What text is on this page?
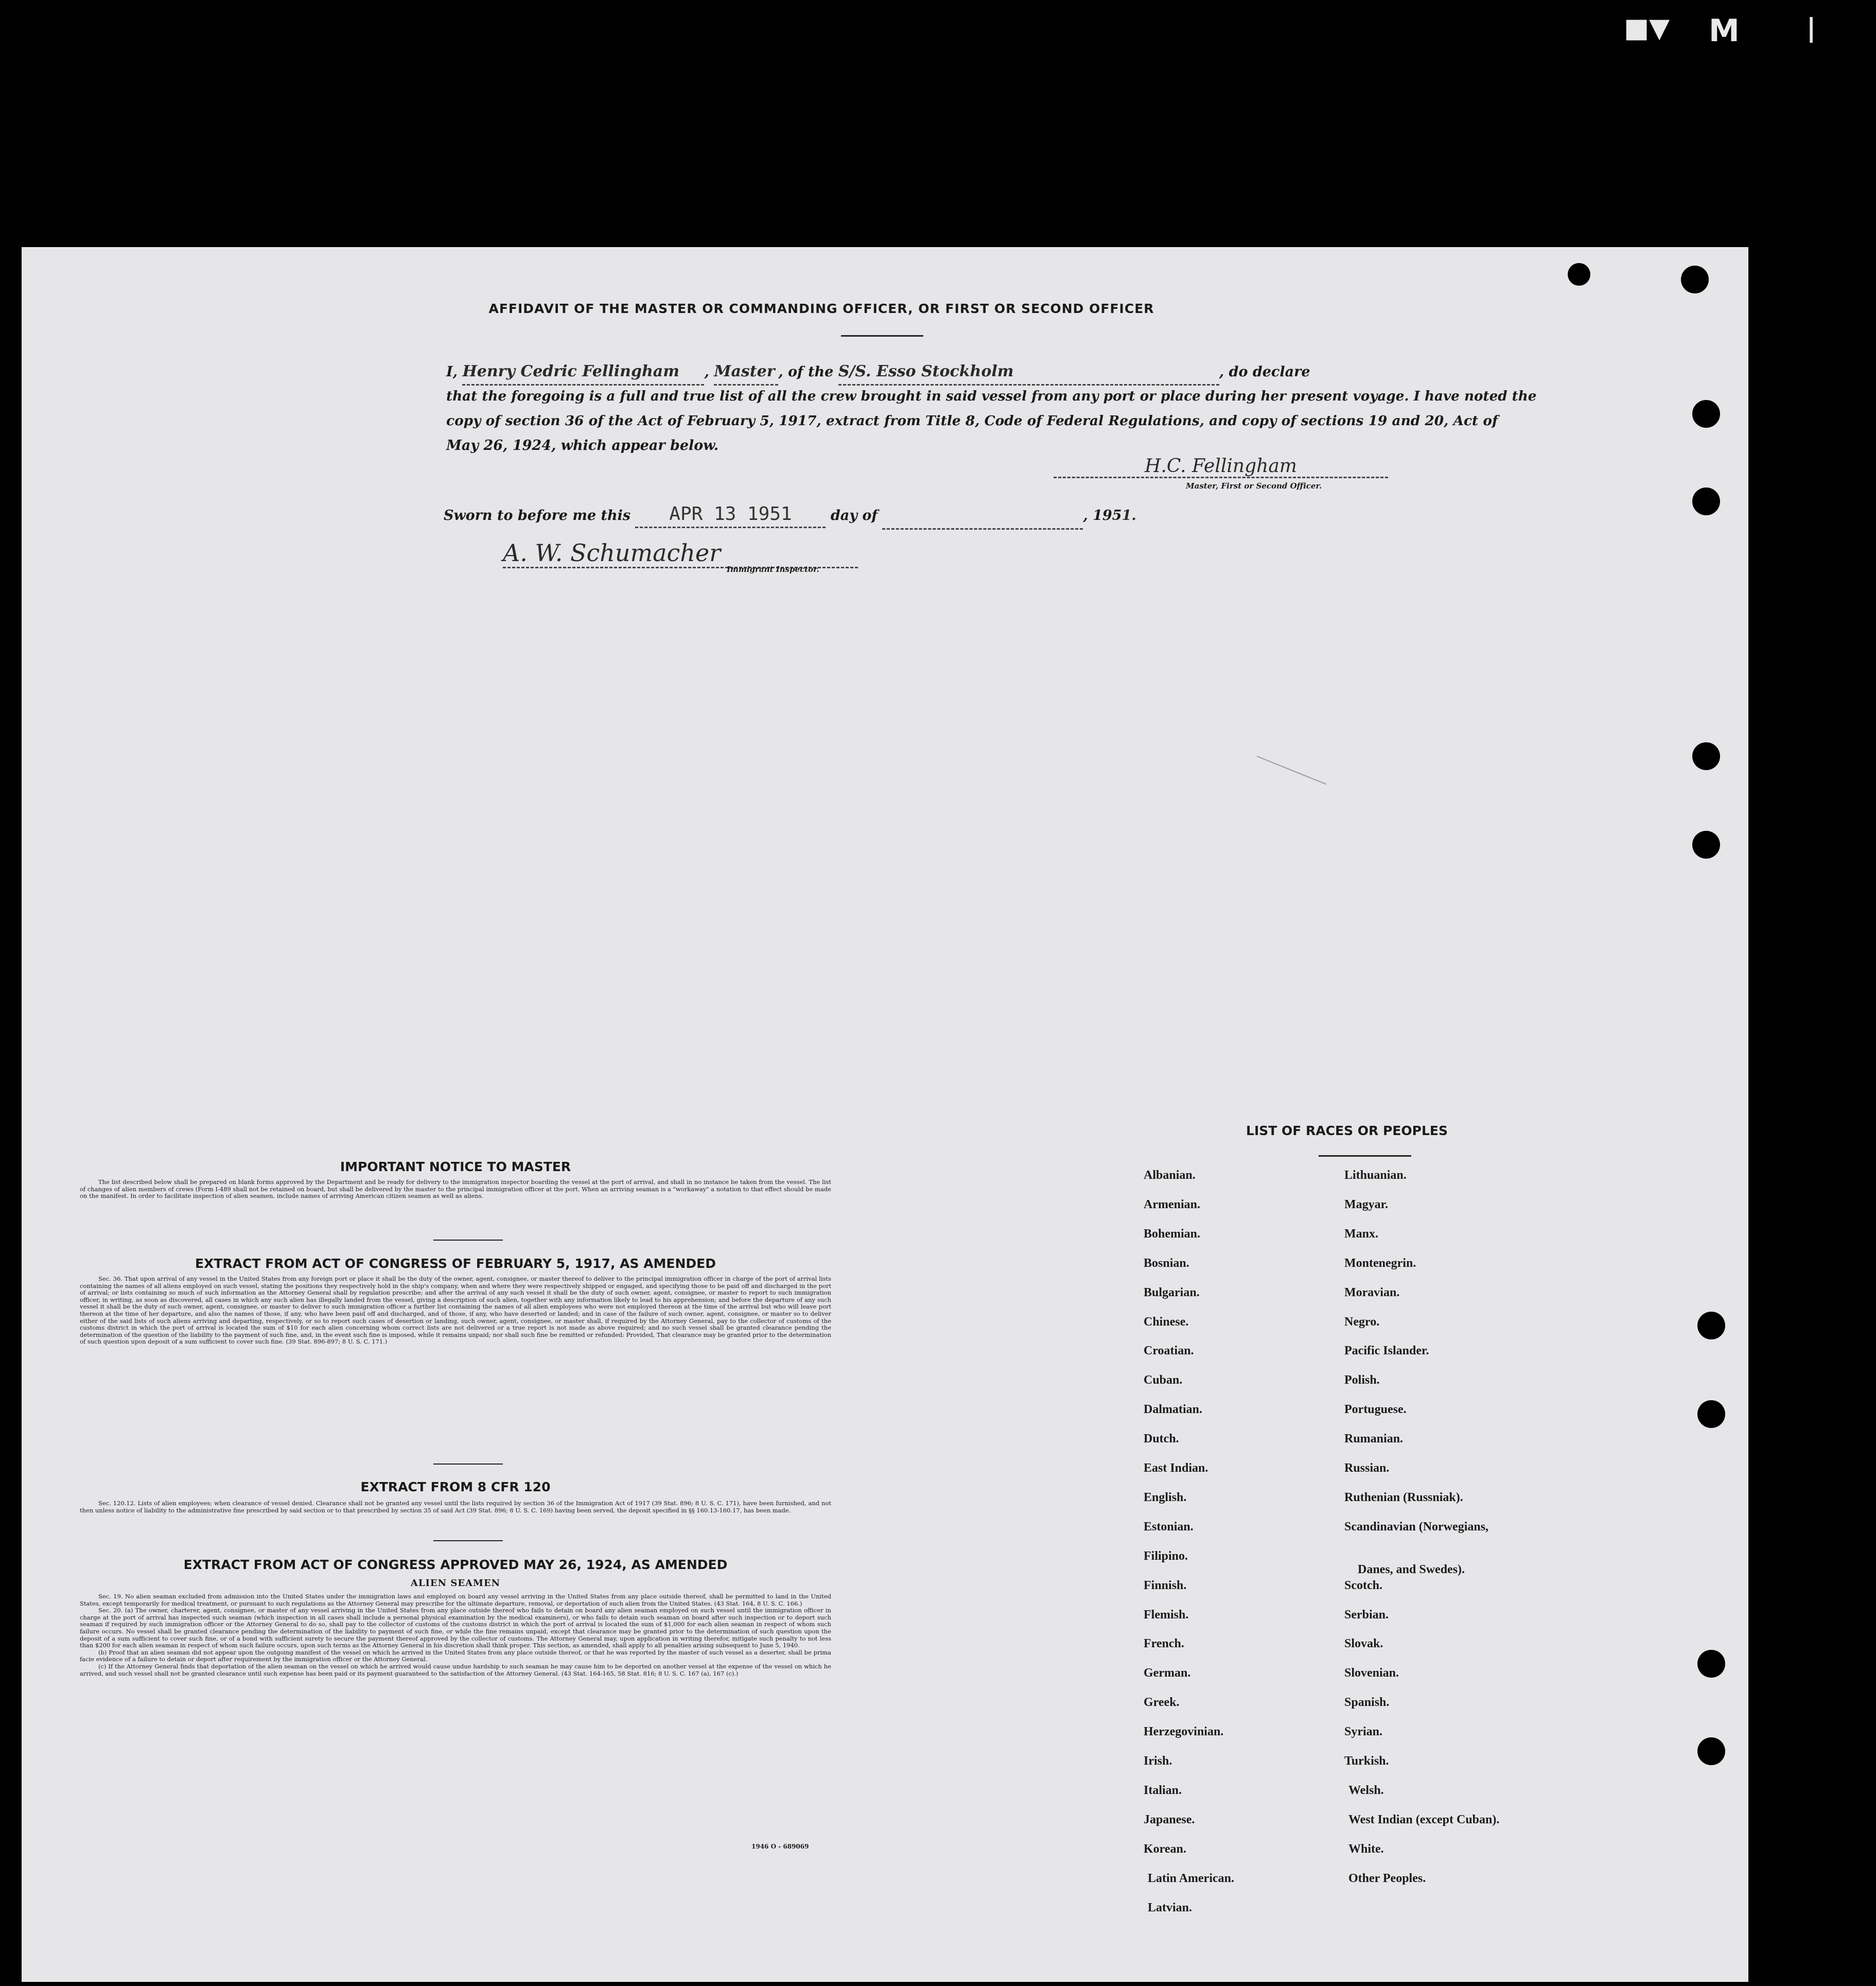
■▼ M	|
AFFIDAVIT OF THE MASTER OR COMMANDING OFFICER, OR FIRST OR SECOND OFFICER
I, Henry Cedric Fellingham , Master , of the S/S. Esso Stockholm	, do declare
that the foregoing is a full and true list of all the crew brought in said vessel from any port or place during her present voyage. I have noted the
copy of section 36 of the Act of February 5, 1917, extract from Title 8, Code of Federal Regulations, and copy of sections 19 and 20, Act of
May 26, 1924, which appear below.
H.C. Fellingham
Master, First or Second Officer.
Sworn to before me this APR 13 1951	day of	, 1951.
A. W. Schumacher
Immigrant Inspector.
IMPORTANT NOTICE TO MASTER

The list described below shall be prepared on blank forms approved by the Department and be ready for delivery to the immigration inspector boarding the vessel at the port of arrival, and shall in no instance be taken from the vessel. The list of changes of alien members of crews (Form I-489 shall not be retained on board, but shall be delivered by the master to the principal immigration officer at the port. When an arriving seaman is a "workaway" a notation to that effect should be made on the manifest. In order to facilitate inspection of alien seamen, include names of arriving American citizen seamen as well as aliens.

EXTRACT FROM ACT OF CONGRESS OF FEBRUARY 5, 1917, AS AMENDED

Sec. 36. That upon arrival of any vessel in the United States from any foreign port or place it shall be the duty of the owner, agent, consignee, or master thereof to deliver to the principal immigration officer in charge of the port of arrival lists containing the names of all aliens employed on such vessel, stating the positions they respectively hold in the ship's company, when and where they were respectively shipped or engaged, and specifying those to be paid off and discharged in the port of arrival; or lists containing so much of such information as the Attorney General shall by regulation prescribe; and after the arrival of any such vessel it shall be the duty of such owner, agent, consignee, or master to report to such immigration officer, in writing, as soon as discovered, all cases in which any such alien has illegally landed from the vessel, giving a description of such alien, together with any information likely to lead to his apprehension; and before the departure of any such vessel it shall be the duty of such owner, agent, consignee, or master to deliver to such immigration officer a further list containing the names of all alien employees who were not employed thereon at the time of the arrival but who will leave port thereon at the time of her departure, and also the names of those, if any, who have been paid off and discharged, and of those, if any, who have deserted or landed; and in case of the failure of such owner, agent, consignee, or master so to deliver either of the said lists of such aliens arriving and departing, respectively, or so to report such cases of desertion or landing, such owner, agent, consignee, or master shall, if required by the Attorney General, pay to the collector of customs of the customs district in which the port of arrival is located the sum of $10 for each alien concerning whom correct lists are not delivered or a true report is not made as above required; and no such vessel shall be granted clearance pending the determination of the question of the liability to the payment of such fine, and, in the event such fine is imposed, while it remains unpaid; nor shall such fine be remitted or refunded: Provided, That clearance may be granted prior to the determination of such question upon deposit of a sum sufficient to cover such fine. (39 Stat. 896-897; 8 U. S. C. 171.)

EXTRACT FROM 8 CFR 120

Sec. 120.12. Lists of alien employees; when clearance of vessel denied. Clearance shall not be granted any vessel until the lists required by section 36 of the Immigration Act of 1917 (39 Stat. 896; 8 U. S. C. 171), have been furnished, and not then unless notice of liability to the administrative fine prescribed by said section or to that prescribed by section 35 of said Act (39 Stat. 896; 8 U. S. C. 169) having been served, the deposit specified in §§ 160.13-160.17, has been made.

EXTRACT FROM ACT OF CONGRESS APPROVED MAY 26, 1924, AS AMENDED
ALIEN SEAMEN

Sec. 19. No alien seaman excluded from admission into the United States under the immigration laws and employed on board any vessel arriving in the United States from any place outside thereof, shall be permitted to land in the United States, except temporarily for medical treatment, or pursuant to such regulations as the Attorney General may prescribe for the ultimate departure, removal, or deportation of such alien from the United States. (43 Stat. 164, 8 U. S. C. 166.)

Sec. 20. (a) The owner, charterer, agent, consignee, or master of any vessel arriving in the United States from any place outside thereof who fails to detain on board any alien seaman employed on such vessel until the immigration officer in charge at the port of arrival has inspected such seaman (which inspection in all cases shall include a personal physical examination by the medical examiners), or who fails to detain such seaman on board after such inspection or to deport such seaman if required by such immigration officer or the Attorney General to do so, shall pay to the collector of customs of the customs district in which the port of arrival is located the sum of $1,000 for each alien seaman in respect of whom such failure occurs. No vessel shall be granted clearance pending the determination of the liability to payment of such fine, or while the fine remains unpaid, except that clearance may be granted prior to the determination of such question upon the deposit of a sum sufficient to cover such fine, or of a bond with sufficient surety to secure the payment thereof approved by the collector of customs. The Attorney General may, upon application in writing therefor, mitigate such penalty to not less than $200 for each alien seaman in respect of whom such failure occurs, upon such terms as the Attorney General in his discretion shall think proper. This section, as amended, shall apply to all penalties arising subsequent to June 5, 1940.

(b) Proof that an alien seaman did not appear upon the outgoing manifest of the vessel on which he arrived in the United States from any place outside thereof, or that he was reported by the master of such vessel as a deserter, shall be prima facie evidence of a failure to detain or deport after requirement by the immigration officer or the Attorney General.

(c) If the Attorney General finds that deportation of the alien seaman on the vessel on which he arrived would cause undue hardship to such seaman he may cause him to be deported on another vessel at the expense of the vessel on which he arrived, and such vessel shall not be granted clearance until such expense has been paid or its payment guaranteed to the satisfaction of the Attorney General. (43 Stat. 164-165, 58 Stat. 816; 8 U. S. C. 167 (a), 167 (c).)

1946 O - 689069
LIST OF RACES OR PEOPLES
Albanian.
Armenian.
Bohemian.
Bosnian.
Bulgarian.
Chinese.
Croatian.
Cuban.
Dalmatian.
Dutch.
East Indian.
English.
Estonian.
Filipino.
Finnish.
Flemish.
French.
German.
Greek.
Herzegovinian.
Irish.
Italian.
Japanese.
Korean.
Latin American.
Latvian.
Lithuanian.
Magyar.
Manx.
Montenegrin.
Moravian.
Negro.
Pacific Islander.
Polish.
Portuguese.
Rumanian.
Russian.
Ruthenian (Russniak).
Scandinavian (Norwegians,
Danes, and Swedes).
Scotch.
Serbian.
Slovak.
Slovenian.
Spanish.
Syrian.
Turkish.
Welsh.
West Indian (except Cuban).
White.
Other Peoples.
